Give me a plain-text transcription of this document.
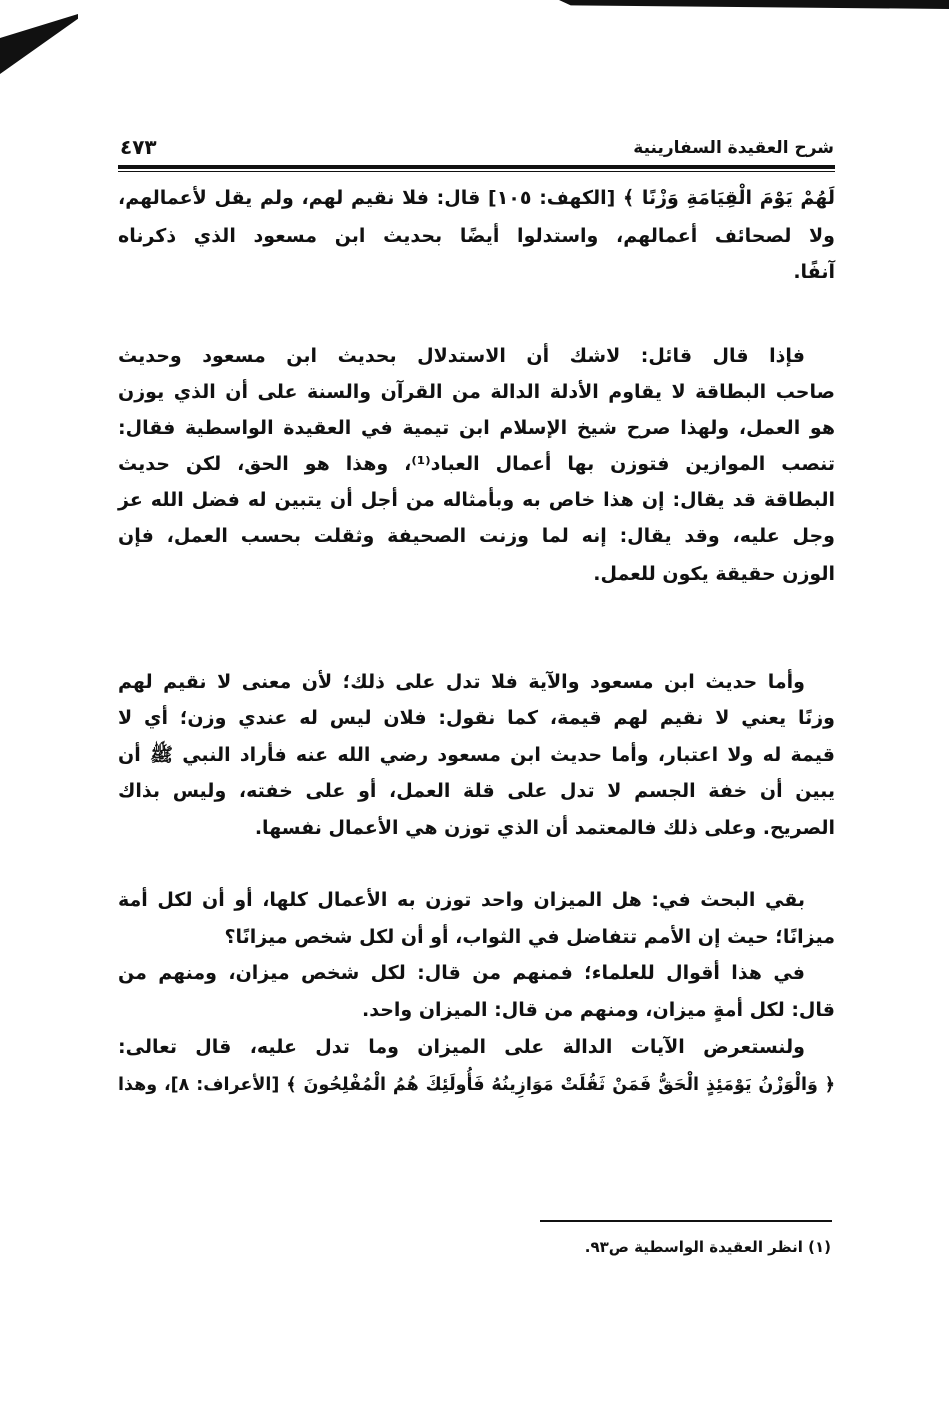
شرح العقيدة السفارينية
٤٧٣
لَهُمْ يَوْمَ الْقِيَامَةِ وَزْنًا ﴾ [الكهف: ١٠٥] قال: فلا نقيم لهم، ولم يقل لأعمالهم،
ولا لصحائف أعمالهم، واستدلوا أيضًا بحديث ابن مسعود الذي ذكرناه
آنفًا.
فإذا قال قائل: لاشك أن الاستدلال بحديث ابن مسعود وحديث
صاحب البطاقة لا يقاوم الأدلة الدالة من القرآن والسنة على أن الذي يوزن
هو العمل، ولهذا صرح شيخ الإسلام ابن تيمية في العقيدة الواسطية فقال:
تنصب الموازين فتوزن بها أعمال العباد⁽¹⁾، وهذا هو الحق، لكن حديث
البطاقة قد يقال: إن هذا خاص به وبأمثاله من أجل أن يتبين له فضل الله عز
وجل عليه، وقد يقال: إنه لما وزنت الصحيفة وثقلت بحسب العمل، فإن
الوزن حقيقة يكون للعمل.
وأما حديث ابن مسعود والآية فلا تدل على ذلك؛ لأن معنى لا نقيم لهم
وزنًا يعني لا نقيم لهم قيمة، كما نقول: فلان ليس له عندي وزن؛ أي لا
قيمة له ولا اعتبار، وأما حديث ابن مسعود رضي الله عنه فأراد النبي ﷺ أن
يبين أن خفة الجسم لا تدل على قلة العمل، أو على خفته، وليس بذاك
الصريح. وعلى ذلك فالمعتمد أن الذي توزن هي الأعمال نفسها.
بقي البحث في: هل الميزان واحد توزن به الأعمال كلها، أو أن لكل أمة
ميزانًا؛ حيث إن الأمم تتفاضل في الثواب، أو أن لكل شخص ميزانًا؟
في هذا أقوال للعلماء؛ فمنهم من قال: لكل شخص ميزان، ومنهم من
قال: لكل أمةٍ ميزان، ومنهم من قال: الميزان واحد.
ولنستعرض الآيات الدالة على الميزان وما تدل عليه، قال تعالى:
﴿ وَالْوَزْنُ يَوْمَئِذٍ الْحَقُّ فَمَنْ ثَقُلَتْ مَوَازِينُهُ فَأُولَئِكَ هُمُ الْمُفْلِحُونَ ﴾ [الأعراف: ٨]، وهذا
(١) انظر العقيدة الواسطية ص٩٣.
